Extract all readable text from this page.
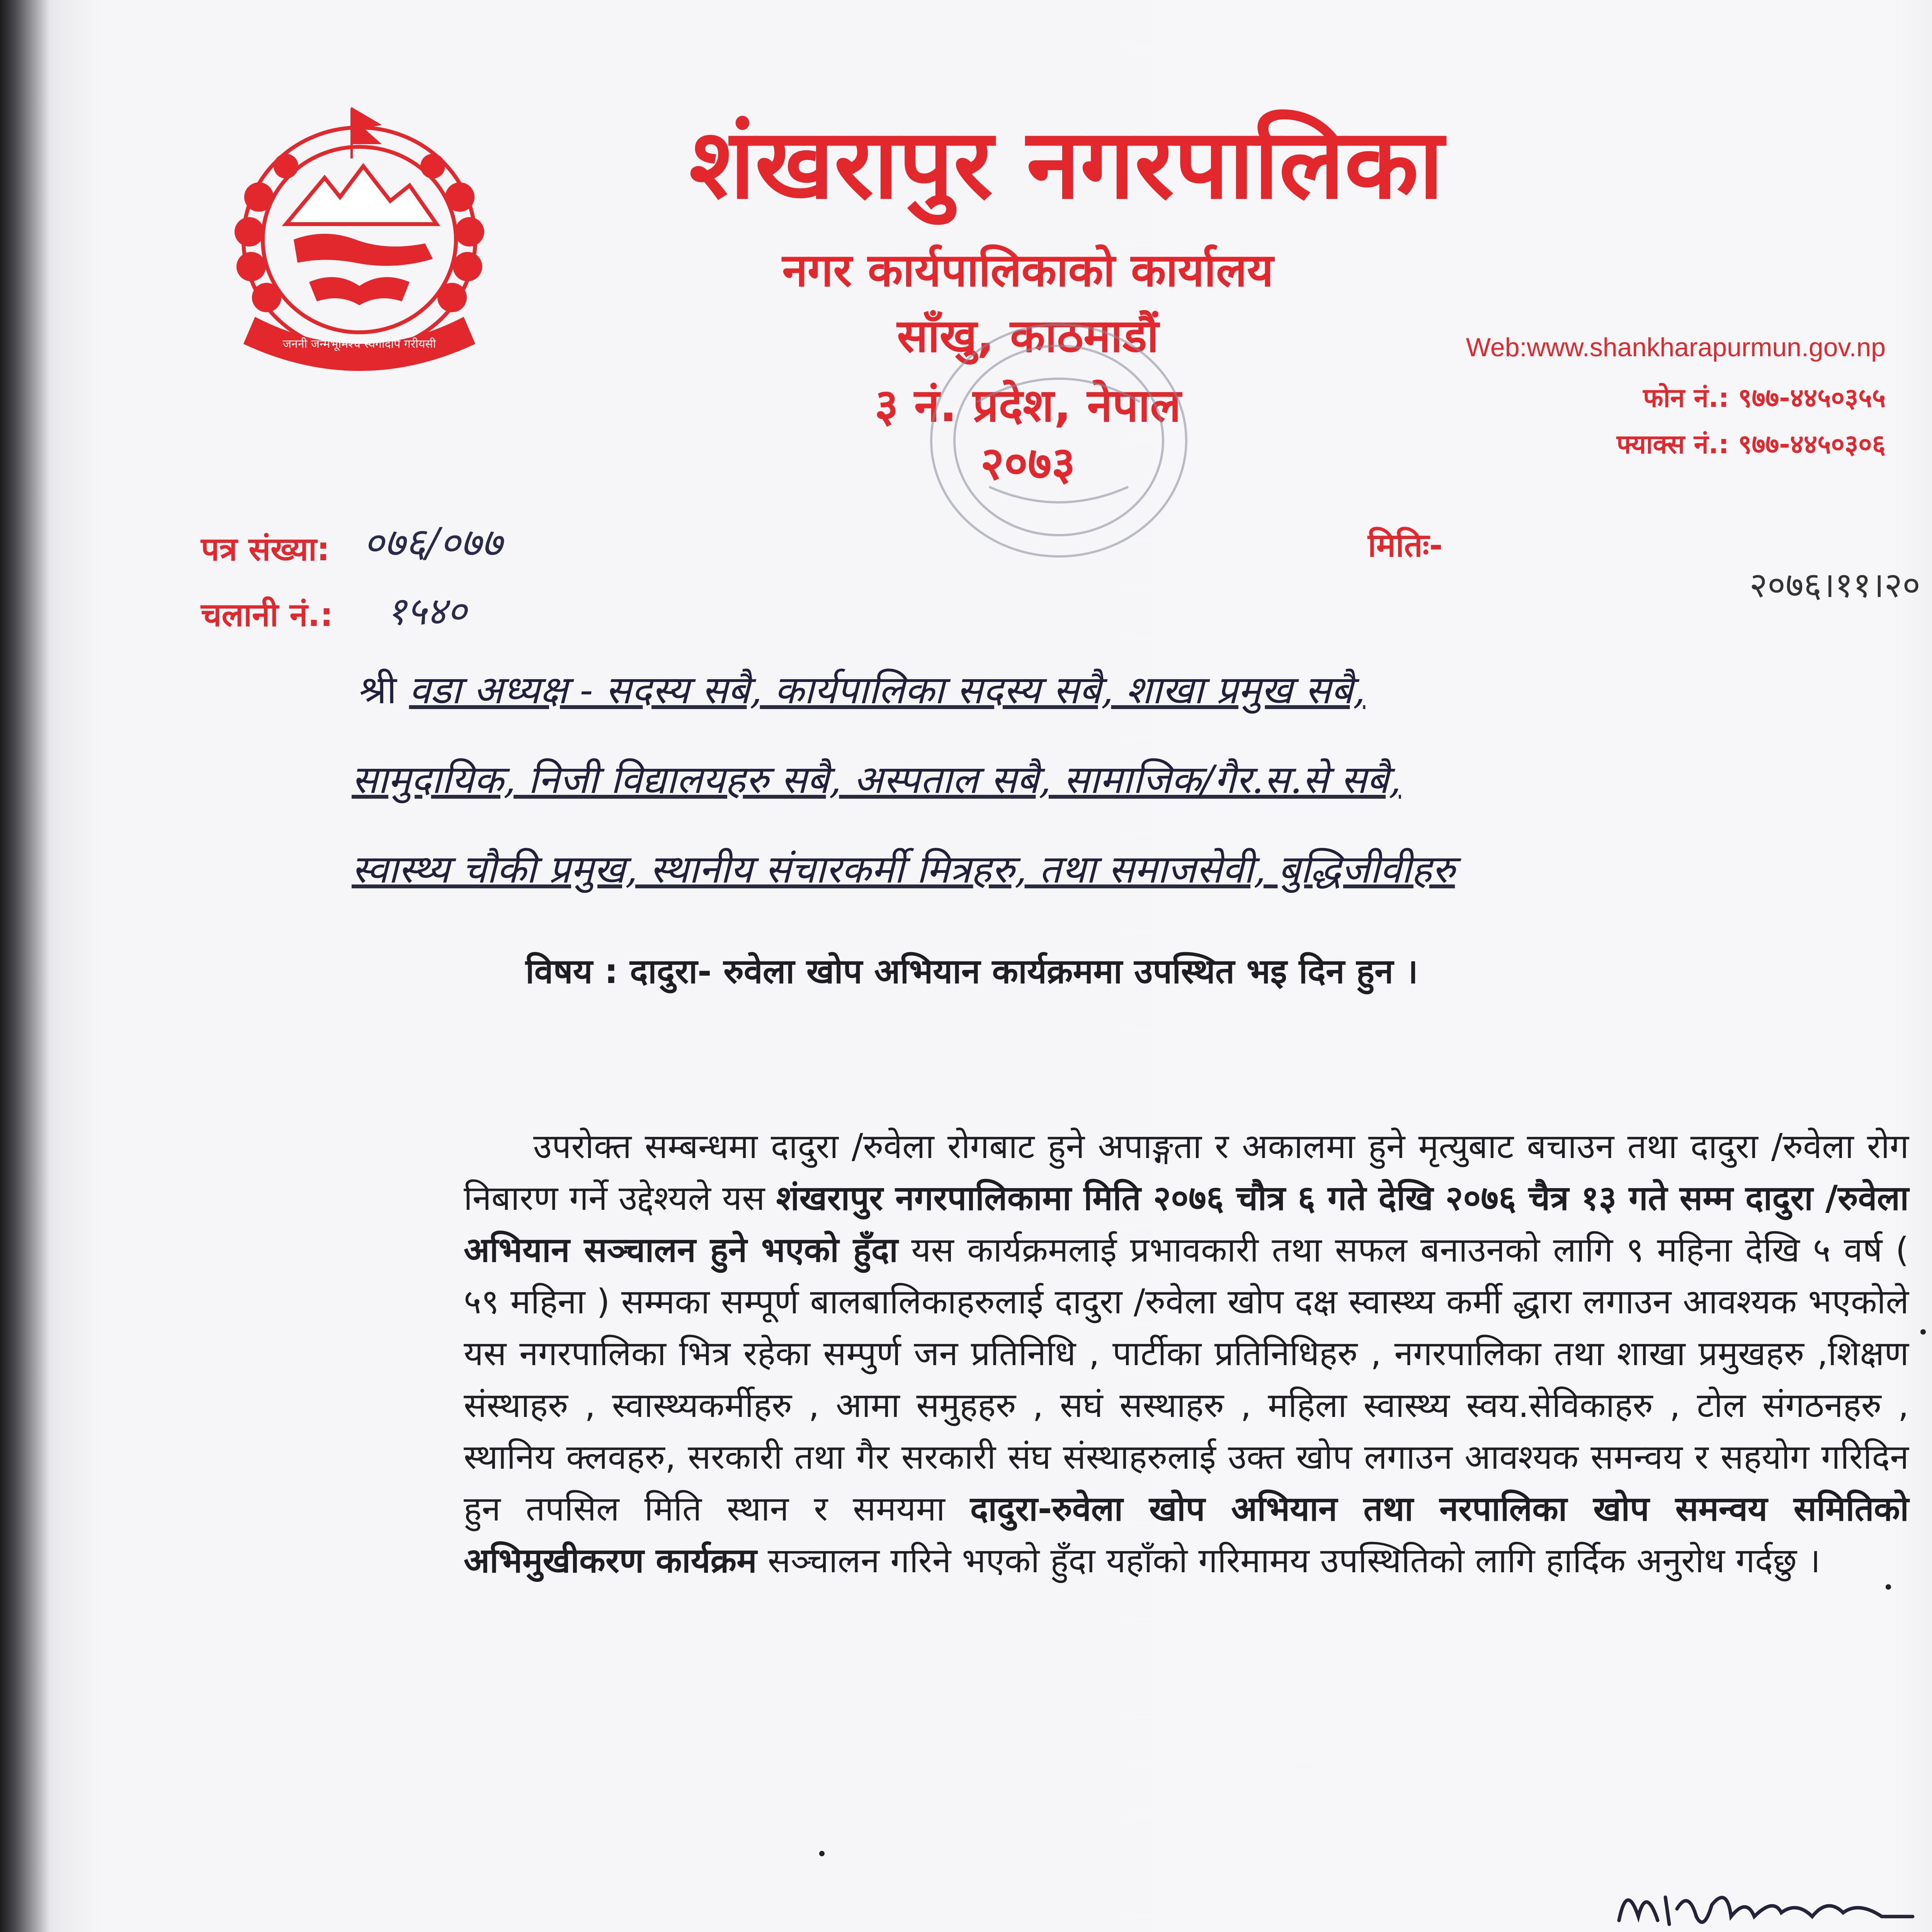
जननी जन्मभूमिश्च स्वर्गादपि गरीयसी
शंखरापुर नगरपालिका
नगर कार्यपालिकाको कार्यालय
साँखु, काठमाडौं
३ नं. प्रदेश, नेपाल
२०७३
Web:www.shankharapurmun.gov.np
फोन नं.: ९७७-४४५०३५५
फ्याक्स नं.: ९७७-४४५०३०६
पत्र संख्या: ०७६/०७७
चलानी नं.: १५४०
मितिः-
२०७६।११।२०
श्री वडा अध्यक्ष - सदस्य सबै, कार्यपालिका सदस्य सबै, शाखा प्रमुख सबै,
सामुदायिक, निजी विद्यालयहरु सबै, अस्पताल सबै, सामाजिक/गैर.स.से सबै,
स्वास्थ्य चौकी प्रमुख, स्थानीय संचारकर्मी मित्रहरु, तथा समाजसेवी, बुद्धिजीवीहरु
विषय : दादुरा- रुवेला खोप अभियान कार्यक्रममा उपस्थित भइ दिन हुन ।

उपरोक्त सम्बन्धमा दादुरा /रुवेला रोगबाट हुने अपाङ्गता र अकालमा हुने मृत्युबाट बचाउन तथा दादुरा /रुवेला रोग निबारण गर्ने उद्देश्यले यस शंखरापुर नगरपालिकामा मिति २०७६ चौत्र ६ गते देखि २०७६ चैत्र १३ गते सम्म दादुरा /रुवेला अभियान सञ्चालन हुने भएको हुँदा यस कार्यक्रमलाई प्रभावकारी तथा सफल बनाउनको लागि ९ महिना देखि ५ वर्ष ( ५९ महिना ) सम्मका सम्पूर्ण बालबालिकाहरुलाई दादुरा /रुवेला खोप दक्ष स्वास्थ्य कर्मी द्धारा लगाउन आवश्यक भएकोले यस नगरपालिका भित्र रहेका सम्पुर्ण जन प्रतिनिधि , पार्टीका प्रतिनिधिहरु , नगरपालिका तथा शाखा प्रमुखहरु ,शिक्षण संस्थाहरु , स्वास्थ्यकर्मीहरु , आमा समुहहरु , सघं सस्थाहरु , महिला स्वास्थ्य स्वय.सेविकाहरु , टोल संगठनहरु , स्थानिय क्लवहरु, सरकारी तथा गैर सरकारी संघ संस्थाहरुलाई उक्त खोप लगाउन आवश्यक समन्वय र सहयोग गरिदिन हुन तपसिल मिति स्थान र समयमा दादुरा-रुवेला खोप अभियान तथा नरपालिका खोप समन्वय समितिको अभिमुखीकरण कार्यक्रम सञ्चालन गरिने भएको हुँदा यहाँको गरिमामय उपस्थितिको लागि हार्दिक अनुरोध गर्दछु ।
